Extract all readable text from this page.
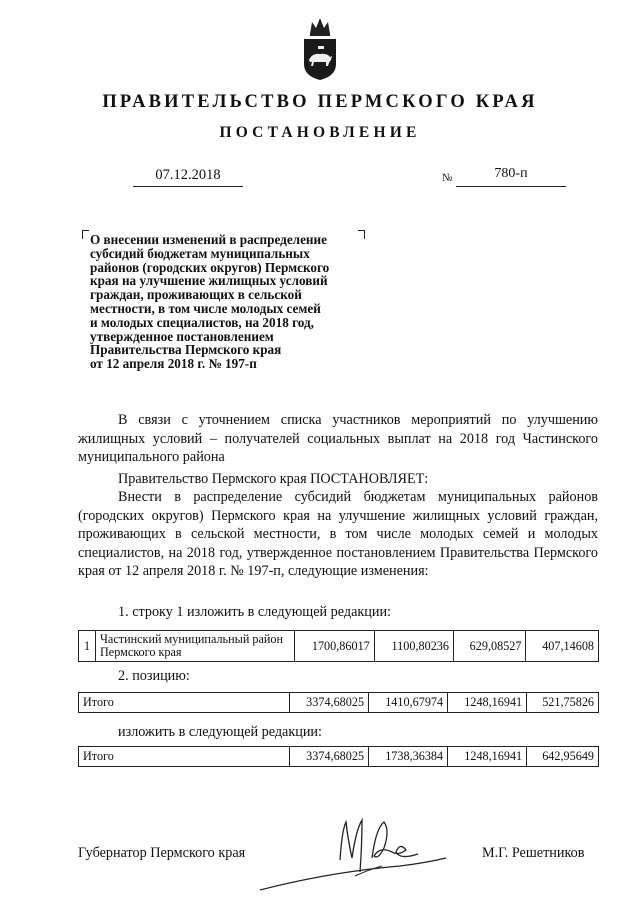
ПРАВИТЕЛЬСТВО ПЕРМСКОГО КРАЯ
ПОСТАНОВЛЕНИЕ
07.12.2018	№	780-п
О внесении изменений в распределение
субсидий бюджетам муниципальных
районов (городских округов) Пермского
края на улучшение жилищных условий
граждан, проживающих в сельской
местности, в том числе молодых семей
и молодых специалистов, на 2018 год,
утвержденное постановлением
Правительства Пермского края
от 12 апреля 2018 г. № 197-п
В связи с уточнением списка участников мероприятий по улучшению жилищных условий – получателей социальных выплат на 2018 год Частинского муниципального района
Правительство Пермского края ПОСТАНОВЛЯЕТ:
Внести в распределение субсидий бюджетам муниципальных районов (городских округов) Пермского края на улучшение жилищных условий граждан, проживающих в сельской местности, в том числе молодых семей и молодых специалистов, на 2018 год, утвержденное постановлением Правительства Пермского края от 12 апреля 2018 г. № 197-п, следующие изменения:
1. строку 1 изложить в следующей редакции:
1	Частинский муниципальный район Пермского края	1700,86017	1100,80236	629,08527	407,14608
2. позицию:
Итого	3374,68025	1410,67974	1248,16941	521,75826
изложить в следующей редакции:
Итого	3374,68025	1738,36384	1248,16941	642,95649
Губернатор Пермского края	М.Г. Решетников
